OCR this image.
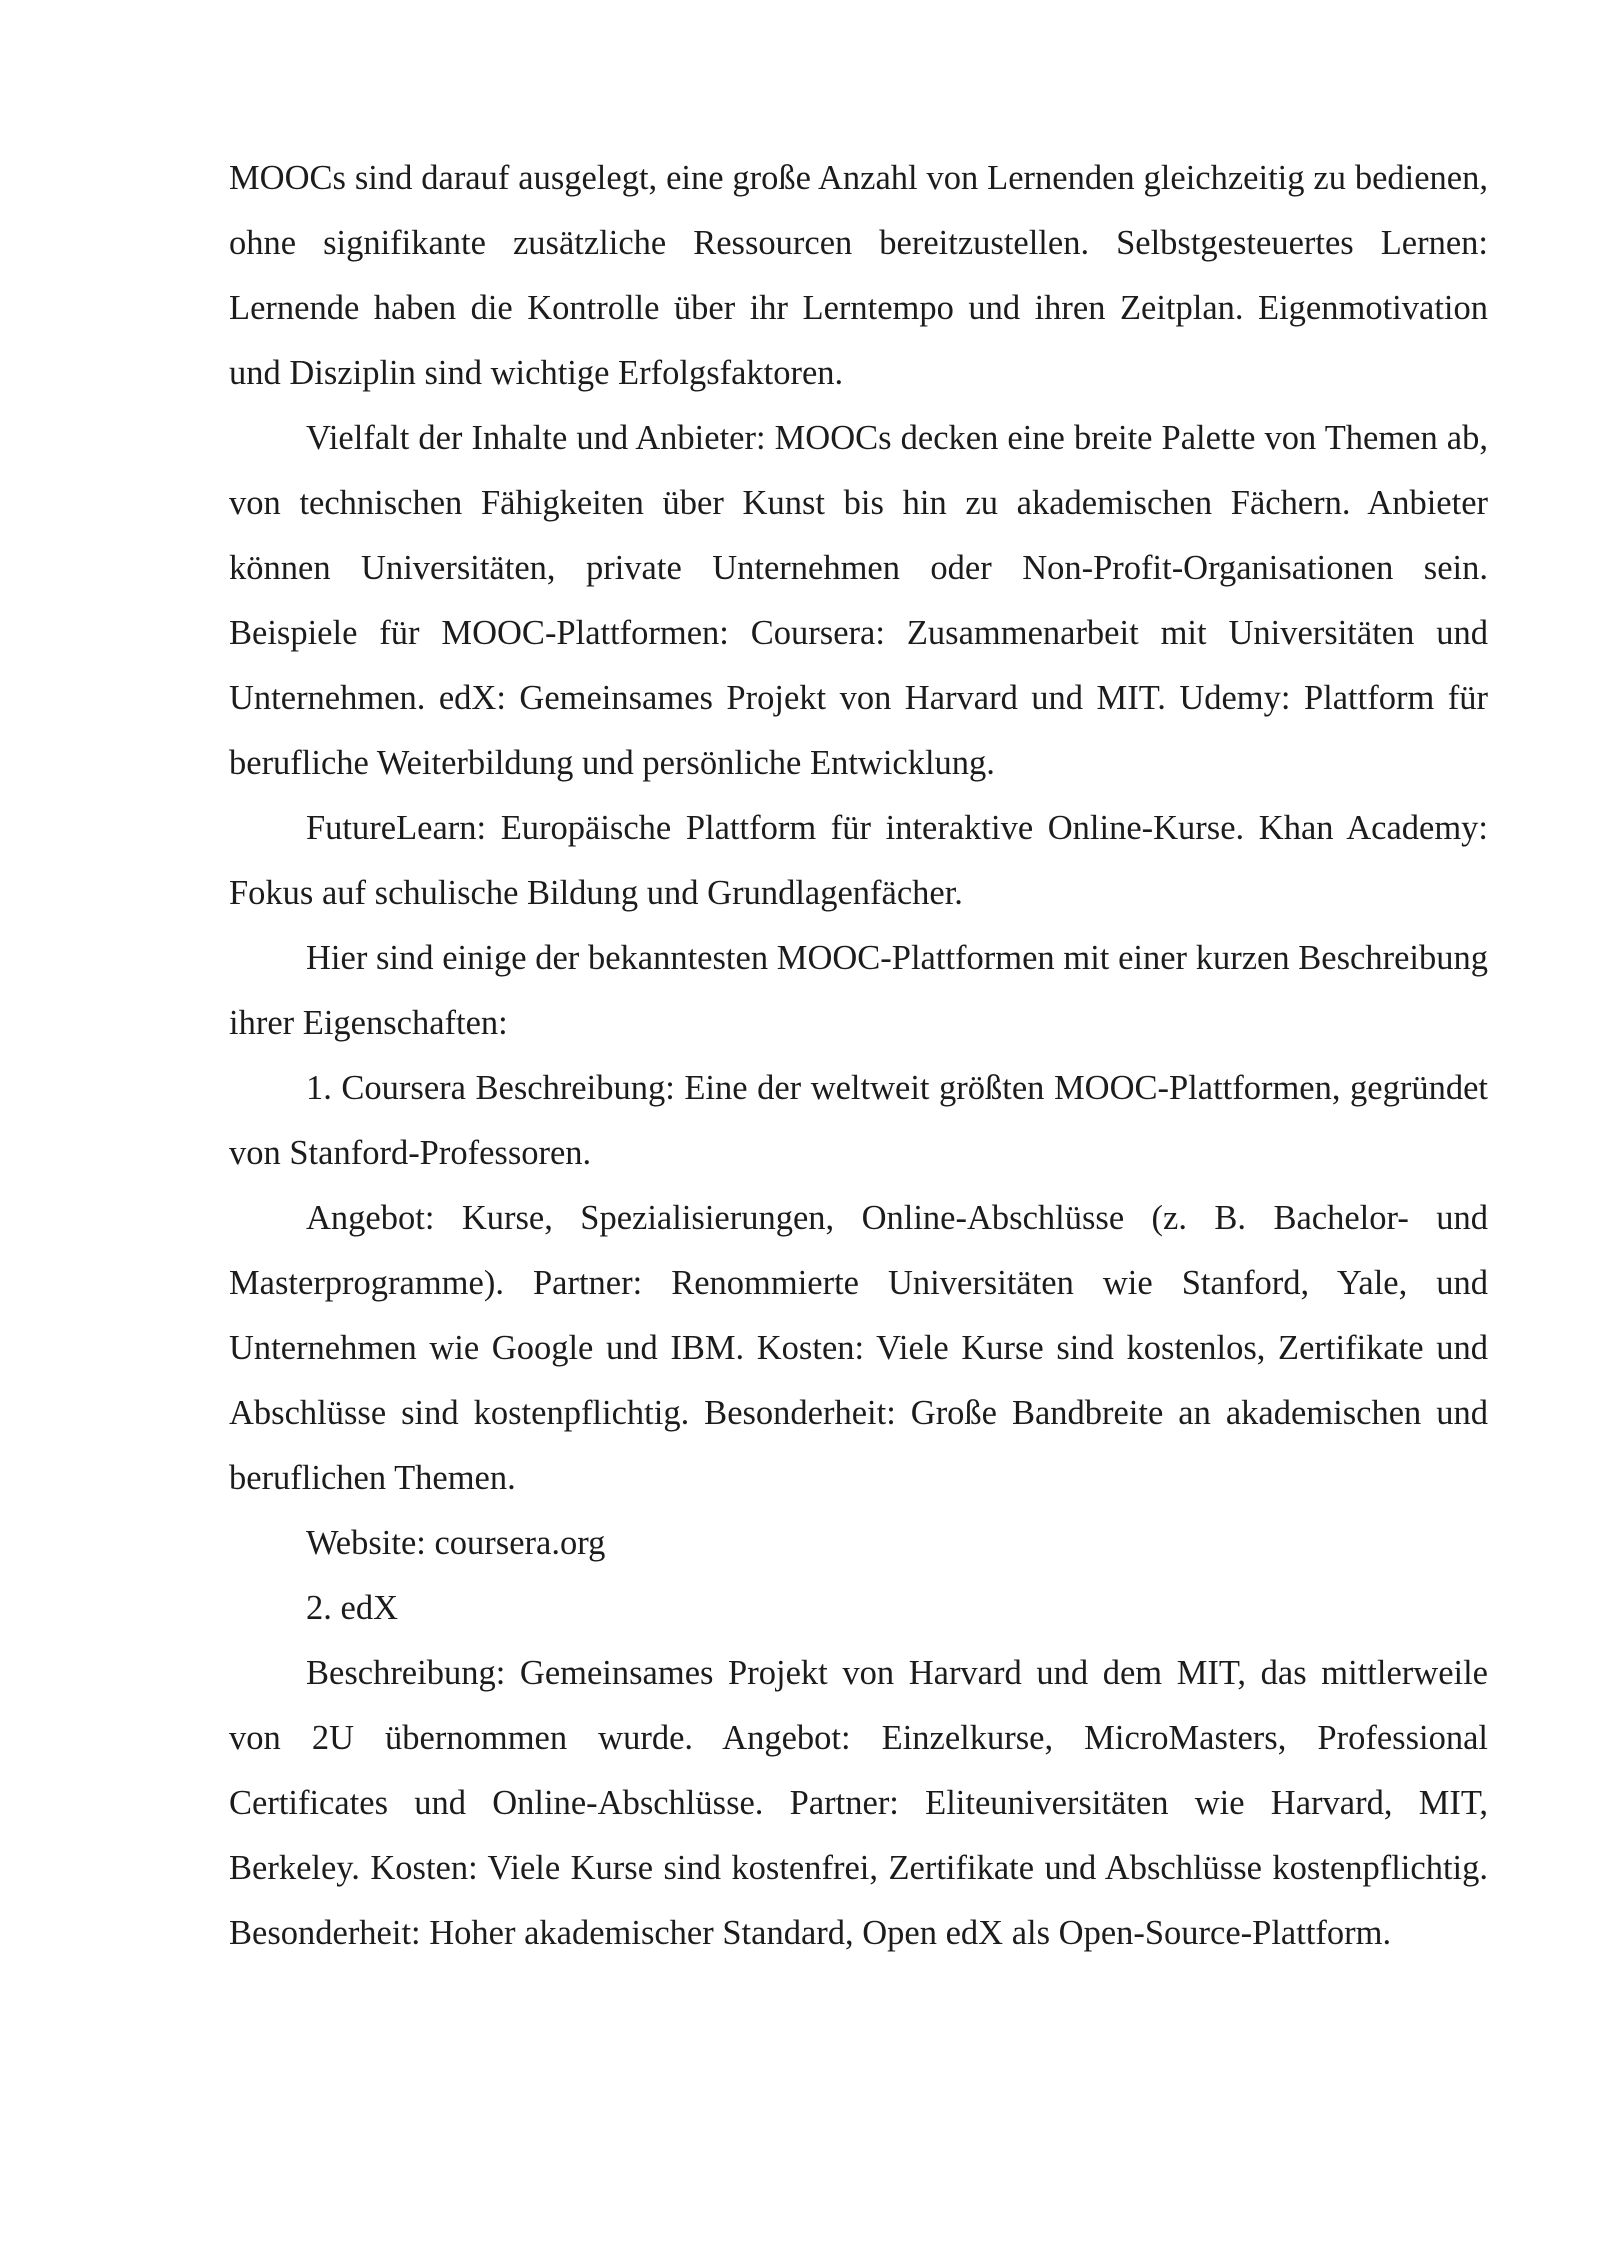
MOOCs sind darauf ausgelegt, eine große Anzahl von Lernenden gleichzeitig zu bedienen, ohne signifikante zusätzliche Ressourcen bereitzustellen. Selbstgesteuertes Lernen: Lernende haben die Kontrolle über ihr Lerntempo und ihren Zeitplan. Eigenmotivation und Disziplin sind wichtige Erfolgsfaktoren.

Vielfalt der Inhalte und Anbieter: MOOCs decken eine breite Palette von Themen ab, von technischen Fähigkeiten über Kunst bis hin zu akademischen Fächern. Anbieter können Universitäten, private Unternehmen oder Non-Profit-Organisationen sein. Beispiele für MOOC-Plattformen: Coursera: Zusammenarbeit mit Universitäten und Unternehmen. edX: Gemeinsames Projekt von Harvard und MIT. Udemy: Plattform für berufliche Weiterbildung und persönliche Entwicklung.

FutureLearn: Europäische Plattform für interaktive Online-Kurse. Khan Academy: Fokus auf schulische Bildung und Grundlagenfächer.

Hier sind einige der bekanntesten MOOC-Plattformen mit einer kurzen Beschreibung ihrer Eigenschaften:

1. Coursera Beschreibung: Eine der weltweit größten MOOC-Plattformen, gegründet von Stanford-Professoren.

Angebot: Kurse, Spezialisierungen, Online-Abschlüsse (z. B. Bachelor- und Masterprogramme). Partner: Renommierte Universitäten wie Stanford, Yale, und Unternehmen wie Google und IBM. Kosten: Viele Kurse sind kostenlos, Zertifikate und Abschlüsse sind kostenpflichtig. Besonderheit: Große Bandbreite an akademischen und beruflichen Themen.

Website: coursera.org

2. edX

Beschreibung: Gemeinsames Projekt von Harvard und dem MIT, das mittlerweile von 2U übernommen wurde. Angebot: Einzelkurse, MicroMasters, Professional Certificates und Online-Abschlüsse. Partner: Eliteuniversitäten wie Harvard, MIT, Berkeley. Kosten: Viele Kurse sind kostenfrei, Zertifikate und Abschlüsse kostenpflichtig. Besonderheit: Hoher akademischer Standard, Open edX als Open-Source-Plattform.
